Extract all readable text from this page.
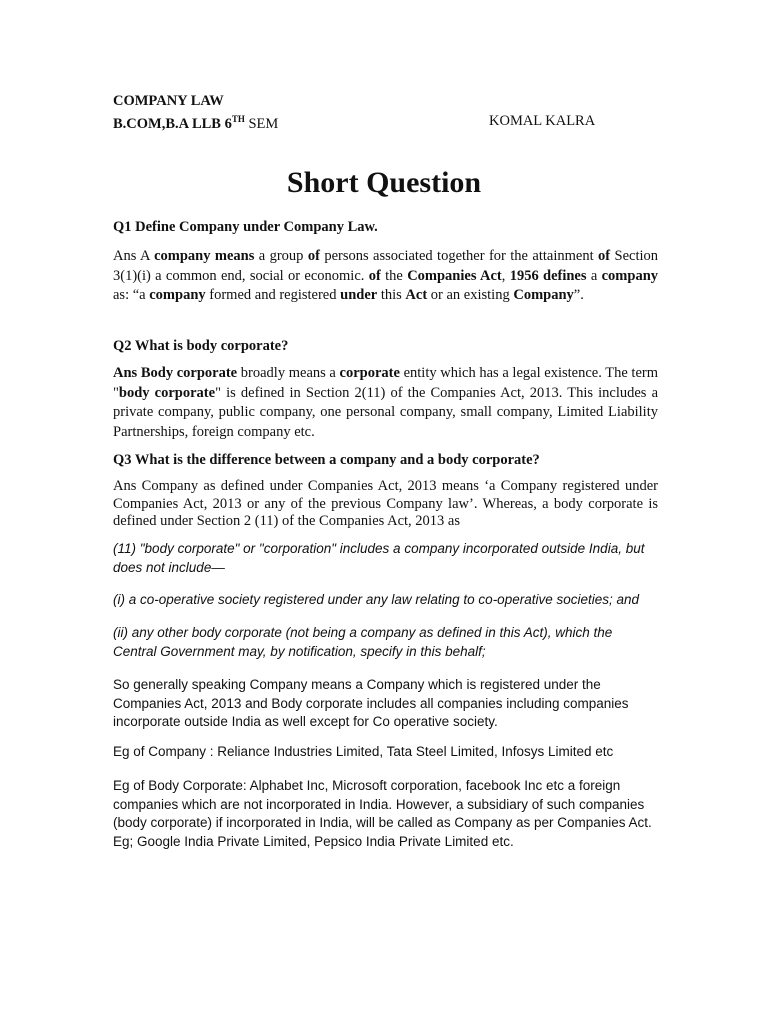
COMPANY LAW
B.COM,B.A LLB 6TH SEM	KOMAL KALRA
Short Question
Q1 Define Company under Company Law.
Ans A company means a group of persons associated together for the attainment of Section 3(1)(i) a common end, social or economic. of the Companies Act, 1956 defines a company as: “a company formed and registered under this Act or an existing Company”.
Q2 What is body corporate?
Ans Body corporate broadly means a corporate entity which has a legal existence. The term "body corporate" is defined in Section 2(11) of the Companies Act, 2013. This includes a private company, public company, one personal company, small company, Limited Liability Partnerships, foreign company etc.
Q3 What is the difference between a company and a body corporate?
Ans Company as defined under Companies Act, 2013 means ‘a Company registered under Companies Act, 2013 or any of the previous Company law’. Whereas, a body corporate is defined under Section 2 (11) of the Companies Act, 2013 as
(11) "body corporate" or "corporation" includes a company incorporated outside India, but does not include—
(i) a co-operative society registered under any law relating to co-operative societies; and
(ii) any other body corporate (not being a company as defined in this Act), which the Central Government may, by notification, specify in this behalf;
So generally speaking Company means a Company which is registered under the Companies Act, 2013 and Body corporate includes all companies including companies incorporate outside India as well except for Co operative society.
Eg of Company : Reliance Industries Limited, Tata Steel Limited, Infosys Limited etc
Eg of Body Corporate: Alphabet Inc, Microsoft corporation, facebook Inc etc a foreign companies which are not incorporated in India. However, a subsidiary of such companies (body corporate) if incorporated in India, will be called as Company as per Companies Act. Eg; Google India Private Limited, Pepsico India Private Limited etc.
